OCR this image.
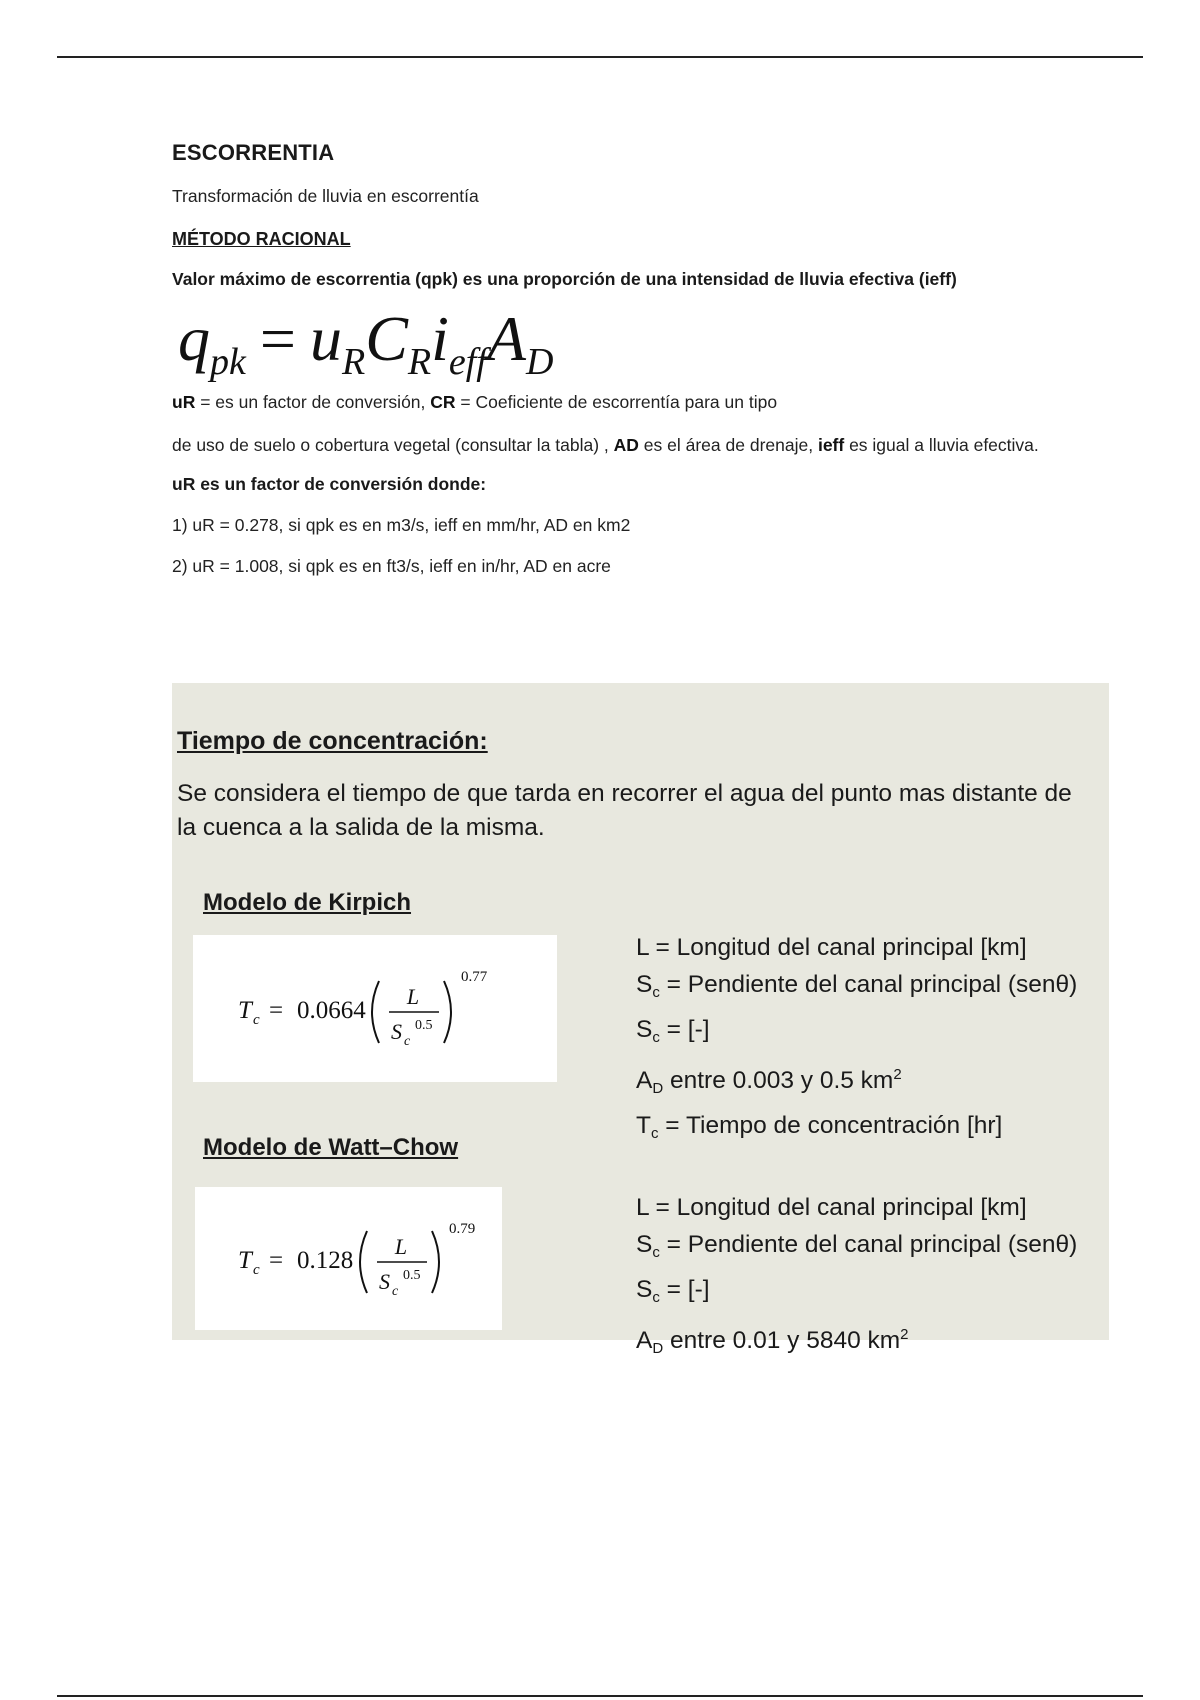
ESCORRENTIA
Transformación de lluvia en escorrentía
MÉTODO RACIONAL
Valor máximo de escorrentia (qpk) es una proporción de una intensidad de lluvia efectiva (ieff)
$q_{pk} = u_RC_Ri_{eff}A_D$
uR = es un factor de conversión, CR = Coeficiente de escorrentía para un tipo
de uso de suelo o cobertura vegetal (consultar la tabla) , AD es el área de drenaje, ieff es igual a lluvia efectiva.
uR es un factor de conversión donde:
1) uR = 0.278, si qpk es en m3/s, ieff en mm/hr, AD en km2
2) uR = 1.008, si qpk es en ft3/s, ieff en in/hr, AD en acre
Tiempo de concentración:
Se considera el tiempo de que tarda en recorrer el agua del punto mas distante de la cuenca a la salida de la misma.
Modelo de Kirpich
T c = 0.0664
L
S c
0.5
0.77
L = Longitud del canal principal [km]
$S_c$ = Pendiente del canal principal (senθ)
$S_c$ = [-]
$A_D$ entre 0.003 y 0.5 $km^2$
$T_c$ = Tiempo de concentración [hr]
Modelo de Watt–Chow
T c = 0.128
L
S c
0.5
0.79
L = Longitud del canal principal [km]
$S_c$ = Pendiente del canal principal (senθ)
$S_c$ = [-]
$A_D$ entre 0.01 y 5840 $km^2$
